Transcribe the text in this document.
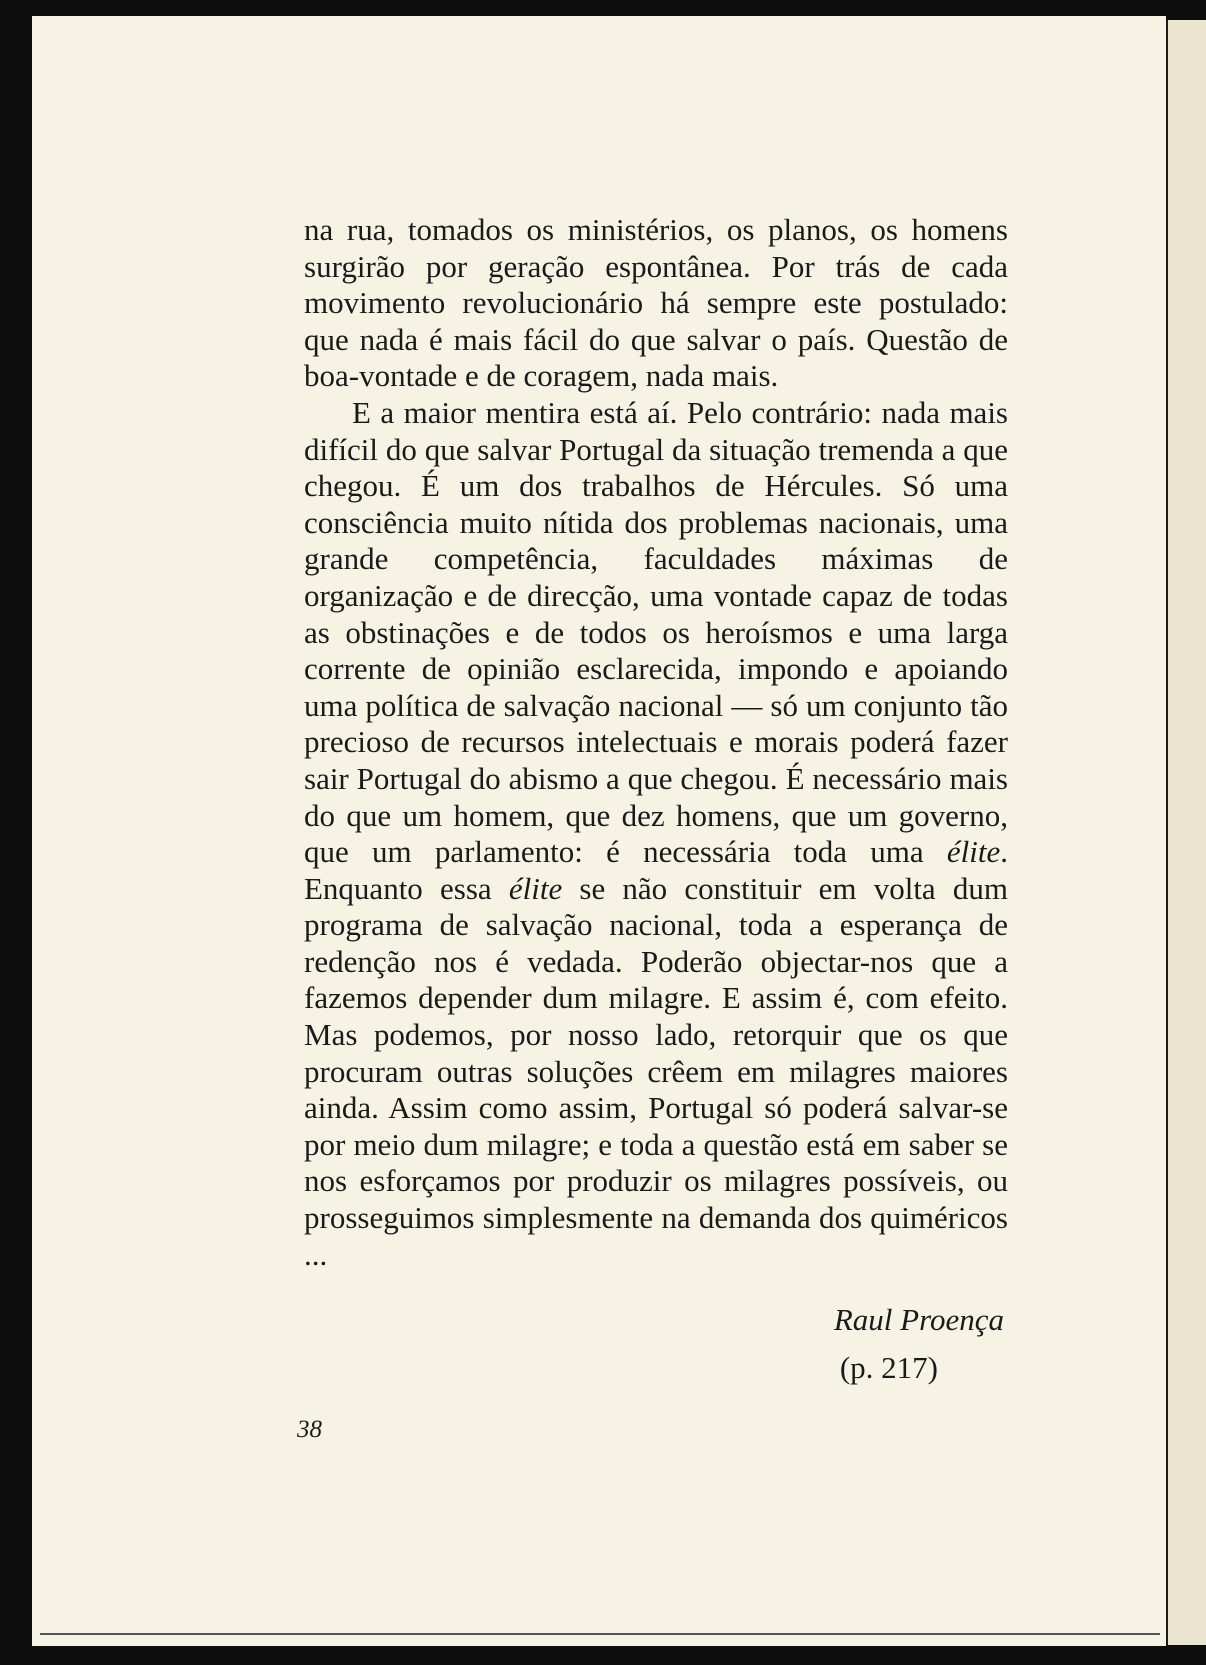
na rua, tomados os ministérios, os planos, os homens surgirão por geração espontânea. Por trás de cada movimento revolucionário há sempre este postulado: que nada é mais fácil do que salvar o país. Questão de boa-vontade e de coragem, nada mais.

E a maior mentira está aí. Pelo contrário: nada mais difícil do que salvar Portugal da situação tremenda a que chegou. É um dos trabalhos de Hércules. Só uma consciência muito nítida dos problemas nacionais, uma grande competência, faculdades máximas de organização e de direcção, uma vontade capaz de todas as obstinações e de todos os heroísmos e uma larga corrente de opinião esclarecida, impondo e apoiando uma política de salvação nacional — só um conjunto tão precioso de recursos intelectuais e morais poderá fazer sair Portugal do abismo a que chegou. É necessário mais do que um homem, que dez homens, que um governo, que um parlamento: é necessária toda uma élite. Enquanto essa élite se não constituir em volta dum programa de salvação nacional, toda a esperança de redenção nos é vedada. Poderão objectar-nos que a fazemos depender dum milagre. E assim é, com efeito. Mas podemos, por nosso lado, retorquir que os que procuram outras soluções crêem em milagres maiores ainda. Assim como assim, Portugal só poderá salvar-se por meio dum milagre; e toda a questão está em saber se nos esforçamos por produzir os milagres possíveis, ou prosseguimos simplesmente na demanda dos quiméricos ...

Raul Proença
(p. 217)
38
